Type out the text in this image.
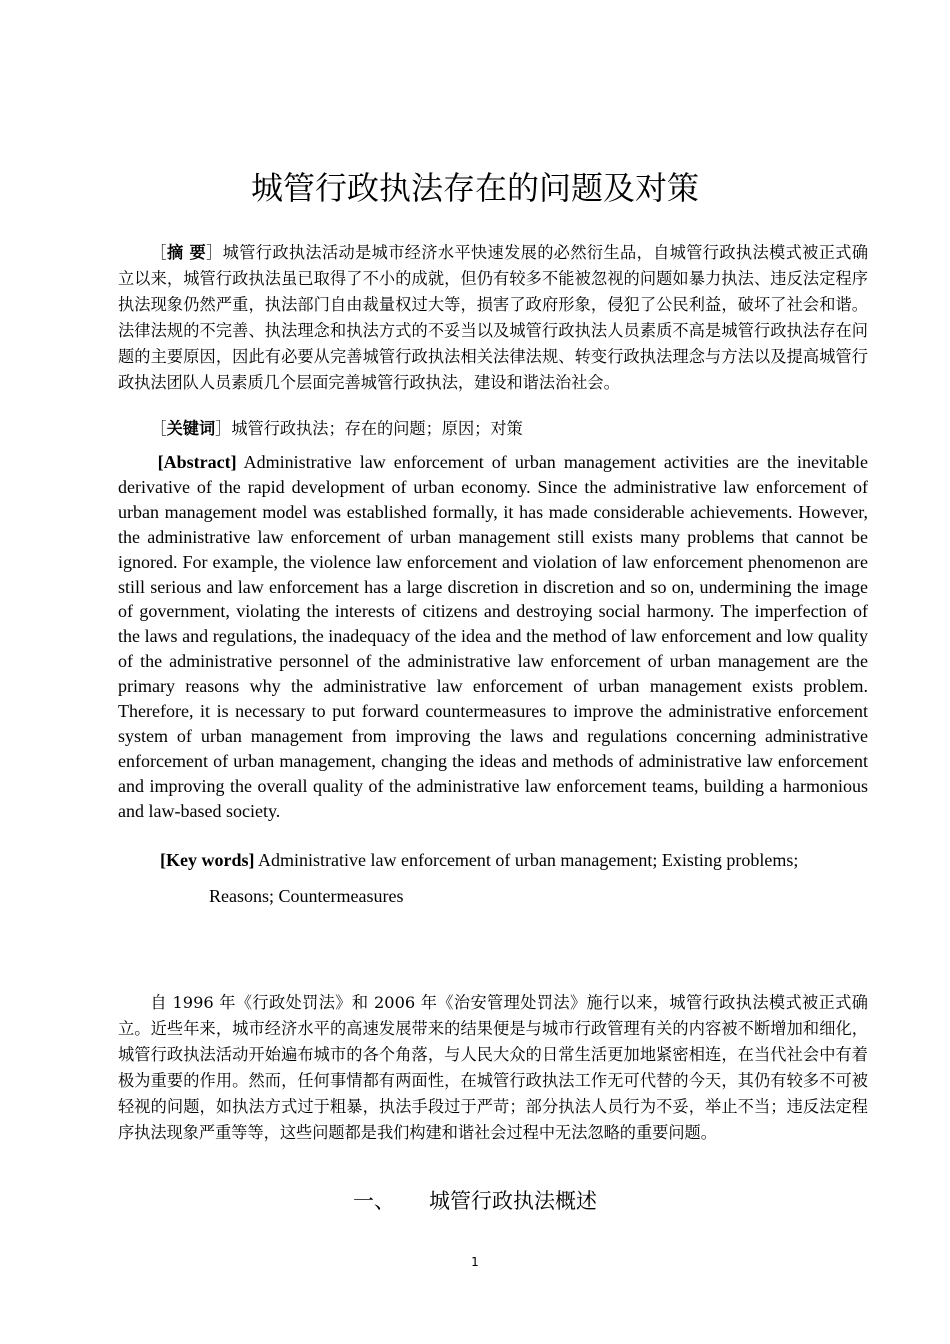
城管行政执法存在的问题及对策

［摘 要］城管行政执法活动是城市经济水平快速发展的必然衍生品，自城管行政执法模式被正式确立以来，城管行政执法虽已取得了不小的成就，但仍有较多不能被忽视的问题如暴力执法、违反法定程序执法现象仍然严重，执法部门自由裁量权过大等，损害了政府形象，侵犯了公民利益，破坏了社会和谐。法律法规的不完善、执法理念和执法方式的不妥当以及城管行政执法人员素质不高是城管行政执法存在问题的主要原因，因此有必要从完善城管行政执法相关法律法规、转变行政执法理念与方法以及提高城管行政执法团队人员素质几个层面完善城管行政执法，建设和谐法治社会。

［关键词］城管行政执法；存在的问题；原因；对策

[Abstract] Administrative law enforcement of urban management activities are the inevitable derivative of the rapid development of urban economy. Since the administrative law enforcement of urban management model was established formally, it has made considerable achievements. However, the administrative law enforcement of urban management still exists many problems that cannot be ignored. For example, the violence law enforcement and violation of law enforcement phenomenon are still serious and law enforcement has a large discretion in discretion and so on, undermining the image of government, violating the interests of citizens and destroying social harmony. The imperfection of the laws and regulations, the inadequacy of the idea and the method of law enforcement and low quality of the administrative personnel of the administrative law enforcement of urban management are the primary reasons why the administrative law enforcement of urban management exists problem. Therefore, it is necessary to put forward countermeasures to improve the administrative enforcement system of urban management from improving the laws and regulations concerning administrative enforcement of urban management, changing the ideas and methods of administrative law enforcement and improving the overall quality of the administrative law enforcement teams, building a harmonious and law-based society.

[Key words] Administrative law enforcement of urban management; Existing problems;

Reasons; Countermeasures

自 1996 年《行政处罚法》和 2006 年《治安管理处罚法》施行以来，城管行政执法模式被正式确立。近些年来，城市经济水平的高速发展带来的结果便是与城市行政管理有关的内容被不断增加和细化，城管行政执法活动开始遍布城市的各个角落，与人民大众的日常生活更加地紧密相连，在当代社会中有着极为重要的作用。然而，任何事情都有两面性，在城管行政执法工作无可代替的今天，其仍有较多不可被轻视的问题，如执法方式过于粗暴，执法手段过于严苛；部分执法人员行为不妥，举止不当；违反法定程序执法现象严重等等，这些问题都是我们构建和谐社会过程中无法忽略的重要问题。

一、 城管行政执法概述
1
